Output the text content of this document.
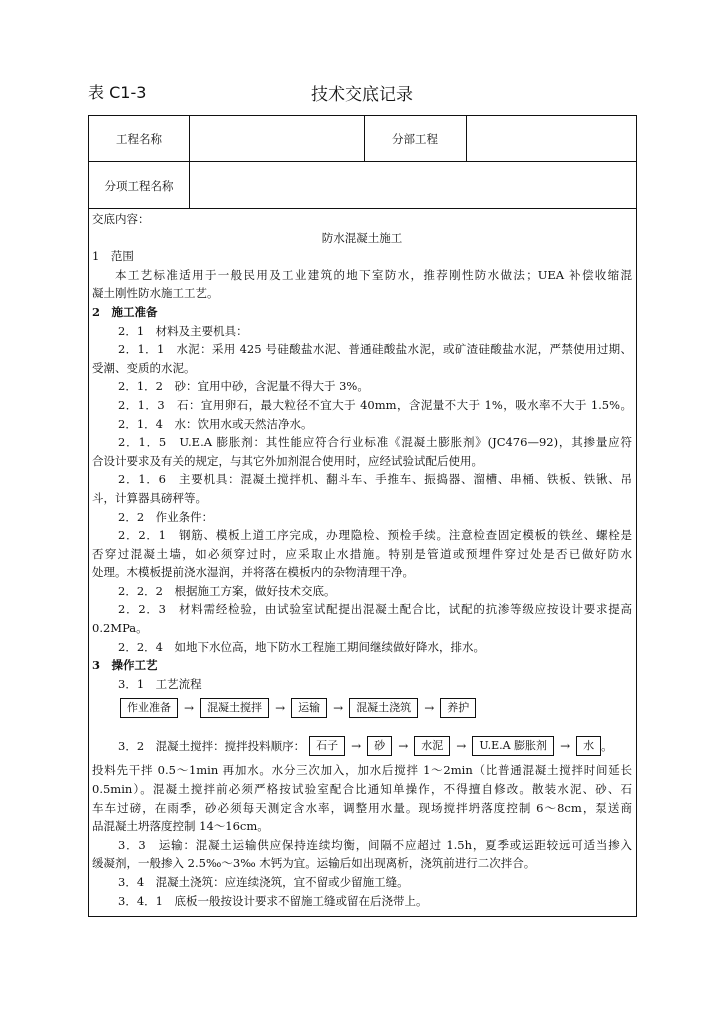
表 C1-3	技术交底记录
工程名称	分部工程
分项工程名称
交底内容：
防水混凝土施工
1　范围
本工艺标准适用于一般民用及工业建筑的地下室防水，推荐刚性防水做法；UEA 补偿收缩混
凝土刚性防水施工工艺。
2　施工准备
2．1　材料及主要机具：
2．1．1　水泥：采用 425 号硅酸盐水泥、普通硅酸盐水泥，或矿渣硅酸盐水泥，严禁使用过期、
受潮、变质的水泥。
2．1．2　砂：宜用中砂，含泥量不得大于 3%。
2．1．3　石：宜用卵石，最大粒径不宜大于 40mm，含泥量不大于 1%，吸水率不大于 1.5%。
2．1．4　水：饮用水或天然洁净水。
2．1．5　U.E.A 膨胀剂：其性能应符合行业标准《混凝土膨胀剂》(JC476—92)，其掺量应符
合设计要求及有关的规定，与其它外加剂混合使用时，应经试验试配后使用。
2．1．6　主要机具：混凝土搅拌机、翻斗车、手推车、振捣器、溜槽、串桶、铁板、铁锹、吊
斗，计算器具磅秤等。
2．2　作业条件：
2．2．1　钢筋、模板上道工序完成，办理隐检、预检手续。注意检查固定模板的铁丝、螺栓是
否穿过混凝土墙，如必须穿过时，应采取止水措施。特别是管道或预埋件穿过处是否已做好防水
处理。木模板提前浇水湿润，并将落在模板内的杂物清理干净。
2．2．2　根据施工方案，做好技术交底。
2．2．3　材料需经检验，由试验室试配提出混凝土配合比，试配的抗渗等级应按设计要求提高
0.2MPa。
2．2．4　如地下水位高，地下防水工程施工期间继续做好降水，排水。
3　操作工艺
3．1　工艺流程
作业准备	→	混凝土搅拌	→	运输	→	混凝土浇筑	→	养护
3．2　混凝土搅拌：搅拌投料顺序：	石子	→	砂	→	水泥	→	U.E.A 膨胀剂	→	水 。
投料先干拌 0.5～1min 再加水。水分三次加入，加水后搅拌 1～2min（比普通混凝土搅拌时间延长
0.5min）。混凝土搅拌前必须严格按试验室配合比通知单操作，不得擅自修改。散装水泥、砂、石
车车过磅，在雨季，砂必须每天测定含水率，调整用水量。现场搅拌坍落度控制 6～8cm，泵送商
品混凝土坍落度控制 14～16cm。
3．3　运输：混凝土运输供应保持连续均衡，间隔不应超过 1.5h，夏季或运距较远可适当掺入
缓凝剂，一般掺入 2.5‰～3‰ 木钙为宜。运输后如出现离析，浇筑前进行二次拌合。
3．4　混凝土浇筑：应连续浇筑，宜不留或少留施工缝。
3．4．1　底板一般按设计要求不留施工缝或留在后浇带上。
